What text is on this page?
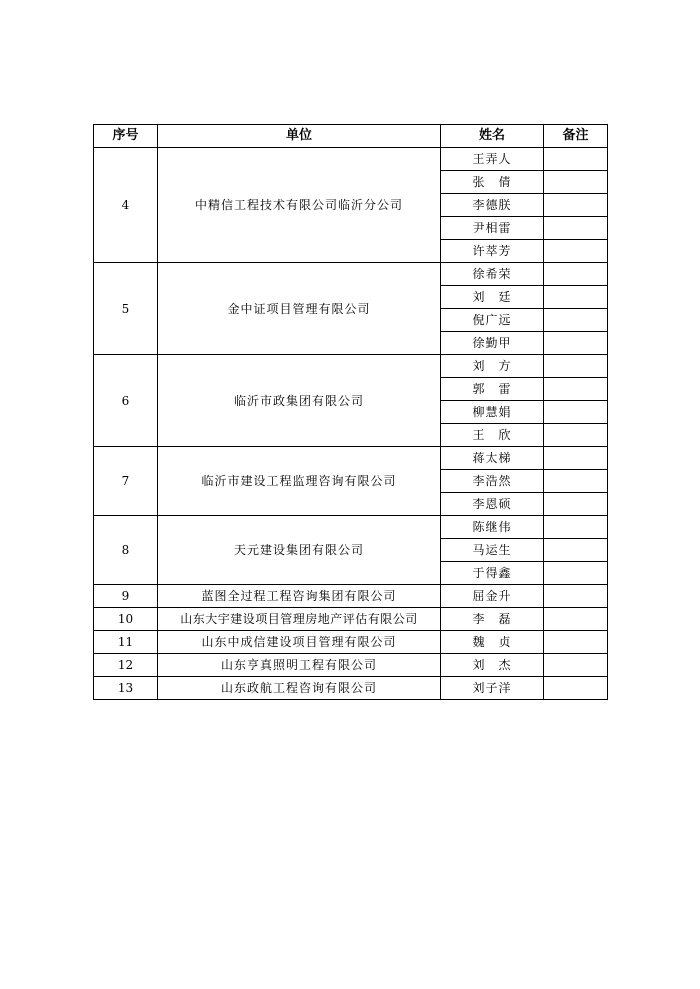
序号	单位	姓名	备注
4	中精信工程技术有限公司临沂分公司	王弄人	
		张　倩	
		李德朕	
		尹相雷	
		许萃芳	
5	金中证项目管理有限公司	徐希荣	
		刘　廷	
		倪广远	
		徐勤甲	
6	临沂市政集团有限公司	刘　方	
		郭　雷	
		柳慧娟	
		王　欣	
7	临沂市建设工程监理咨询有限公司	蒋太梯	
		李浩然	
		李恩硕	
8	天元建设集团有限公司	陈继伟	
		马运生	
		于得鑫	
9	蓝图全过程工程咨询集团有限公司	屈金升	
10	山东大宇建设项目管理房地产评估有限公司	李　磊	
11	山东中成信建设项目管理有限公司	魏　贞	
12	山东亨真照明工程有限公司	刘　杰	
13	山东政航工程咨询有限公司	刘子洋	
